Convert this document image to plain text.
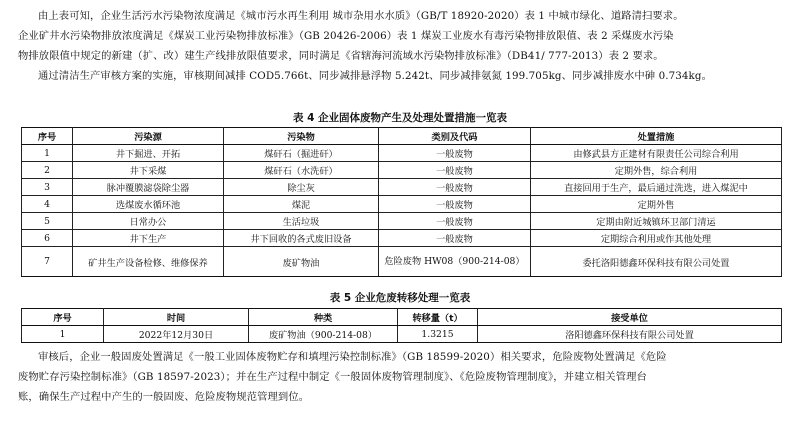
由上表可知，企业生活污水污染物浓度满足《城市污水再生利用 城市杂用水水质》（GB/T 18920-2020）表 1 中城市绿化、道路清扫要求。
企业矿井水污染物排放浓度满足《煤炭工业污染物排放标准》（GB 20426-2006）表 1 煤炭工业废水有毒污染物排放限值、表 2 采煤废水污染
物排放限值中规定的新建（扩、改）建生产线排放限值要求，同时满足《省辖海河流域水污染物排放标准》（DB41/ 777-2013）表 2 要求。
通过清洁生产审核方案的实施，审核期间减排 COD5.766t、同步减排悬浮物 5.242t、同步减排氨氮 199.705kg、同步减排废水中砷 0.734kg。
表 4 企业固体废物产生及处理处置措施一览表
序号	污染源	污染物	类别及代码	处置措施
1	井下掘进、开拓	煤矸石（掘进矸）	一般废物	由修武县方正建材有限责任公司综合利用
2	井下采煤	煤矸石（水洗矸）	一般废物	定期外售，综合利用
3	脉冲覆膜滤袋除尘器	除尘灰	一般废物	直接回用于生产，最后通过洗选，进入煤泥中
4	选煤废水循环池	煤泥	一般废物	定期外售
5	日常办公	生活垃圾	一般废物	定期由附近城镇环卫部门清运
6	井下生产	井下回收的各式废旧设备	一般废物	定期综合利用或作其他处理
7	矿井生产设备检修、维修保养	废矿物油	危险废物 HW08（900-214-08）	委托洛阳德鑫环保科技有限公司处置
表 5 企业危废转移处理一览表
序号	时间	种类	转移量（t）	接受单位
1	2022年12月30日	废矿物油（900-214-08）	1.3215	洛阳德鑫环保科技有限公司处置
审核后，企业一般固废处置满足《一般工业固体废物贮存和填埋污染控制标准》（GB 18599-2020）相关要求，危险废物处置满足《危险
废物贮存污染控制标准》（GB 18597-2023）；并在生产过程中制定《一般固体废物管理制度》、《危险废物管理制度》，并建立相关管理台
账，确保生产过程中产生的一般固废、危险废物规范管理到位。
